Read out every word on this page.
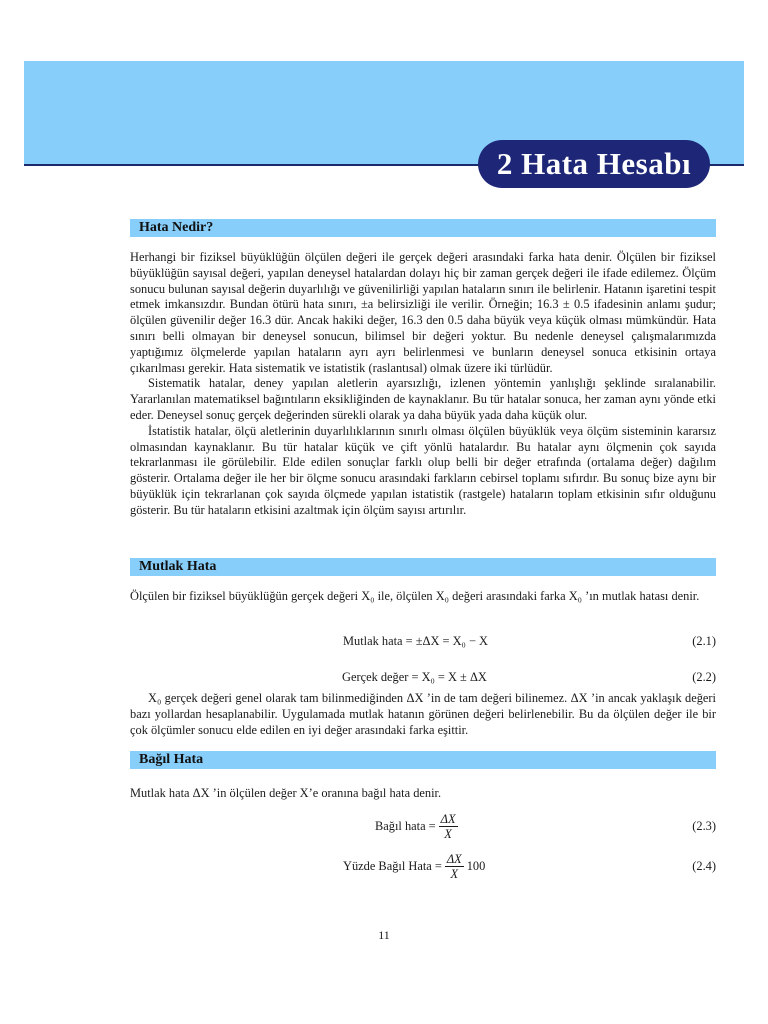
2 Hata Hesabı
Hata Nedir?

Herhangi bir fiziksel büyüklüğün ölçülen değeri ile gerçek değeri arasındaki farka hata denir. Ölçülen bir fiziksel büyüklüğün sayısal değeri, yapılan deneysel hatalardan dolayı hiç bir zaman gerçek değeri ile ifade edilemez. Ölçüm sonucu bulunan sayısal değerin duyarlılığı ve güvenilirliği yapılan hataların sınırı ile belirlenir. Hatanın işaretini tespit etmek imkansızdır. Bundan ötürü hata sınırı, ±a belirsizliği ile verilir. Örneğin; 16.3 ± 0.5 ifadesinin anlamı şudur; ölçülen güvenilir değer 16.3 dür. Ancak hakiki değer, 16.3 den 0.5 daha büyük veya küçük olması mümkündür. Hata sınırı belli olmayan bir deneysel sonucun, bilimsel bir değeri yoktur. Bu nedenle deneysel çalışmalarımızda yaptığımız ölçmelerde yapılan hataların ayrı ayrı belirlenmesi ve bunların deneysel sonuca etkisinin ortaya çıkarılması gerekir. Hata sistematik ve istatistik (raslantısal) olmak üzere iki türlüdür.

Sistematik hatalar, deney yapılan aletlerin ayarsızlığı, izlenen yöntemin yanlışlığı şeklinde sıralanabilir. Yararlanılan matematiksel bağıntıların eksikliğinden de kaynaklanır. Bu tür hatalar sonuca, her zaman aynı yönde etki eder. Deneysel sonuç gerçek değerinden sürekli olarak ya daha büyük yada daha küçük olur.

İstatistik hatalar, ölçü aletlerinin duyarlılıklarının sınırlı olması ölçülen büyüklük veya ölçüm sisteminin kararsız olmasından kaynaklanır. Bu tür hatalar küçük ve çift yönlü hatalardır. Bu hatalar aynı ölçmenin çok sayıda tekrarlanması ile görülebilir. Elde edilen sonuçlar farklı olup belli bir değer etrafında (ortalama değer) dağılım gösterir. Ortalama değer ile her bir ölçme sonucu arasındaki farkların cebirsel toplamı sıfırdır. Bu sonuç bize aynı bir büyüklük için tekrarlanan çok sayıda ölçmede yapılan istatistik (rastgele) hataların toplam etkisinin sıfır olduğunu gösterir. Bu tür hataların etkisini azaltmak için ölçüm sayısı artırılır.

Mutlak Hata

Ölçülen bir fiziksel büyüklüğün gerçek değeri X₀ ile, ölçülen X₀ değeri arasındaki farka X₀ ’ın mutlak hatası denir.

Mutlak hata = ±ΔX = X₀ − X	(2.1)
Gerçek değer = X₀ = X ± ΔX	(2.2)

X₀ gerçek değeri genel olarak tam bilinmediğinden ΔX ’in de tam değeri bilinemez. ΔX ’in ancak yaklaşık değeri bazı yollardan hesaplanabilir. Uygulamada mutlak hatanın görünen değeri belirlenebilir. Bu da ölçülen değer ile bir çok ölçümler sonucu elde edilen en iyi değer arasındaki farka eşittir.

Bağıl Hata

Mutlak hata ΔX ’in ölçülen değer X’e oranına bağıl hata denir.

Bağıl hata = $\frac{\Delta X}{X}$	(2.3)
Yüzde Bağıl Hata = $\frac{\Delta X}{X} 100$	(2.4)
11
